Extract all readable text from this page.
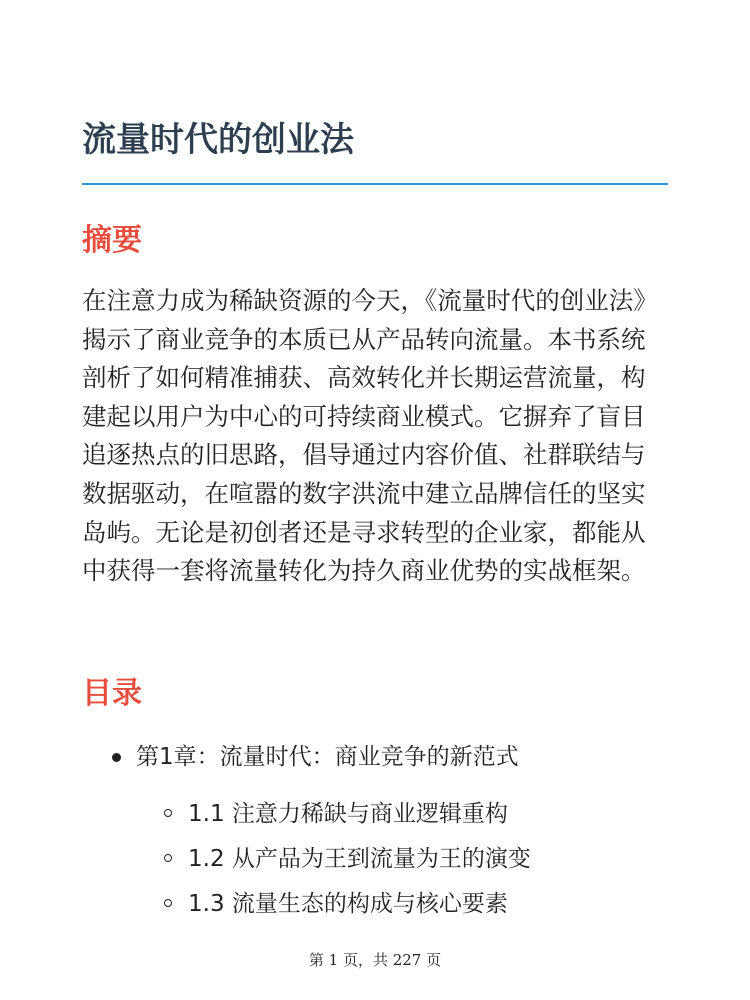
流量时代的创业法
摘要

在注意力成为稀缺资源的今天，《流量时代的创业法》揭示了商业竞争的本质已从产品转向流量。本书系统剖析了如何精准捕获、高效转化并长期运营流量，构建起以用户为中心的可持续商业模式。它摒弃了盲目追逐热点的旧思路，倡导通过内容价值、社群联结与数据驱动，在喧嚣的数字洪流中建立品牌信任的坚实岛屿。无论是初创者还是寻求转型的企业家，都能从中获得一套将流量转化为持久商业优势的实战框架。

目录
第1章：流量时代：商业竞争的新范式
1.1 注意力稀缺与商业逻辑重构
1.2 从产品为王到流量为王的演变
1.3 流量生态的构成与核心要素
第 1 页，共 227 页
